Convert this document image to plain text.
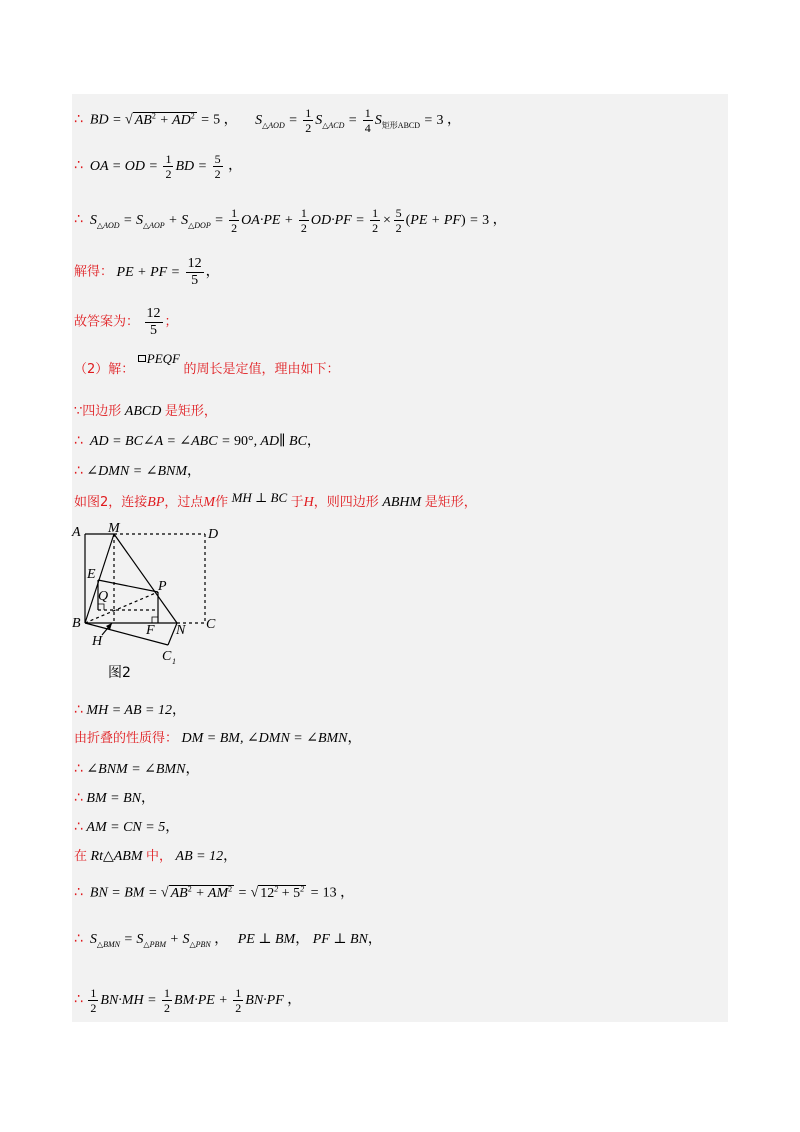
∴  BD = √ $AB^2 + AD^2 = 5$ ， $S_{\triangle AOD} = \frac{1}{2} S_{\triangle ACD} = \frac{1}{4} S_{矩形ABCD} = 3$ ，
∴  OA = OD = $\frac{1}{2}$ BD = $\frac{5}{2}$ ，
∴  $S_{\triangle AOD} = S_{\triangle AOP} + S_{\triangle DOP} = \frac{1}{2} OA\cdot PE + \frac{1}{2} OD\cdot PF = \frac{1}{2} \times \frac{5}{2} (PE + PF) = 3$ ，
解得： PE + PF = $\frac{12}{5}$ ，
故答案为： $\frac{12}{5}$ ；
（2）解： PEQF 的周长是定值，理由如下：
∵四边形 ABCD 是矩形，
∴  AD = BC∠A = ∠ABC = 90°, AD∥ BC，
∴ ∠DMN = ∠BNM，
如图2，连接BP，过点M作 MH ⊥ BC 于H，则四边形 ABHM 是矩形，
A M	D
E
P
Q
B	F N C
H
C 1
图2
∴ MH = AB = 12，
由折叠的性质得： DM = BM, ∠DMN = ∠BMN，
∴ ∠BNM = ∠BMN，
∴ BM = BN，
∴ AM = CN = 5，
在 Rt△ABM 中， AB = 12，
∴  BN = BM = √ $AB^2 + AM^2$ = √ $12^2 + 5^2 = 13$ ，
∴  $S_{\triangle BMN} = S_{\triangle PBM} + S_{\triangle PBN}$ ， PE ⊥ BM， PF ⊥ BN，
∴ $\frac{1}{2} BN\cdot MH = \frac{1}{2} BM\cdot PE + \frac{1}{2} BN\cdot PF$ ，
